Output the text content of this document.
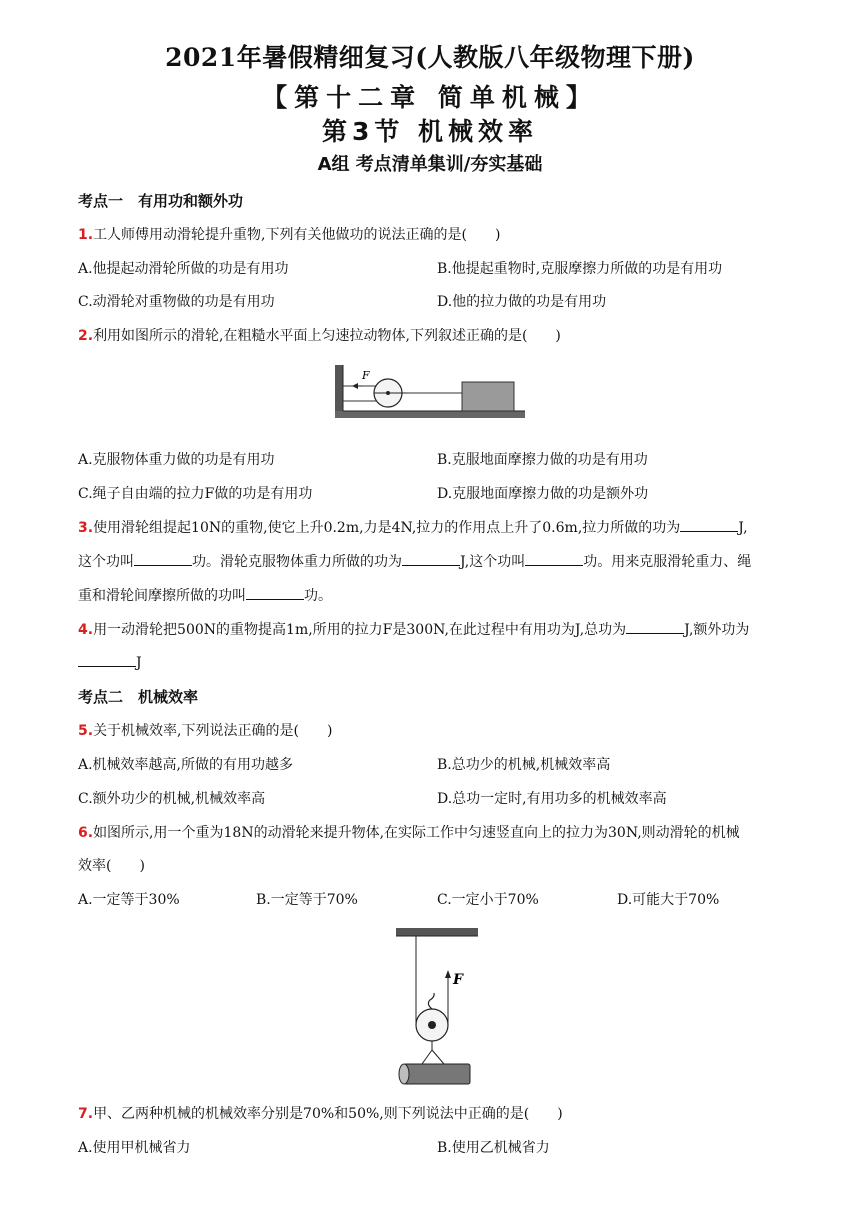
2021年暑假精细复习(人教版八年级物理下册)
【第十二章 简单机械】
第3节 机械效率
A组 考点清单集训/夯实基础
考点一　有用功和额外功
1.工人师傅用动滑轮提升重物,下列有关他做功的说法正确的是(　　)
A.他提起动滑轮所做的功是有用功	B.他提起重物时,克服摩擦力所做的功是有用功
C.动滑轮对重物做的功是有用功	D.他的拉力做的功是有用功
2.利用如图所示的滑轮,在粗糙水平面上匀速拉动物体,下列叙述正确的是(　　)
F
A.克服物体重力做的功是有用功	B.克服地面摩擦力做的功是有用功
C.绳子自由端的拉力F做的功是有用功	D.克服地面摩擦力做的功是额外功
3.使用滑轮组提起10N的重物,使它上升0.2m,力是4N,拉力的作用点上升了0.6m,拉力所做的功为	J,
这个功叫	功。滑轮克服物体重力所做的功为	J,这个功叫	功。用来克服滑轮重力、绳
重和滑轮间摩擦所做的功叫	功。
4.用一动滑轮把500N的重物提高1m,所用的拉力F是300N,在此过程中有用功为J,总功为	J,额外功为
J
考点二　机械效率
5.关于机械效率,下列说法正确的是(　　)
A.机械效率越高,所做的有用功越多	B.总功少的机械,机械效率高
C.额外功少的机械,机械效率高	D.总功一定时,有用功多的机械效率高
6.如图所示,用一个重为18N的动滑轮来提升物体,在实际工作中匀速竖直向上的拉力为30N,则动滑轮的机械
效率(　　)
A.一定等于30%	B.一定等于70%	C.一定小于70%	D.可能大于70%
F
7.甲、乙两种机械的机械效率分别是70%和50%,则下列说法中正确的是(　　)
A.使用甲机械省力	B.使用乙机械省力
